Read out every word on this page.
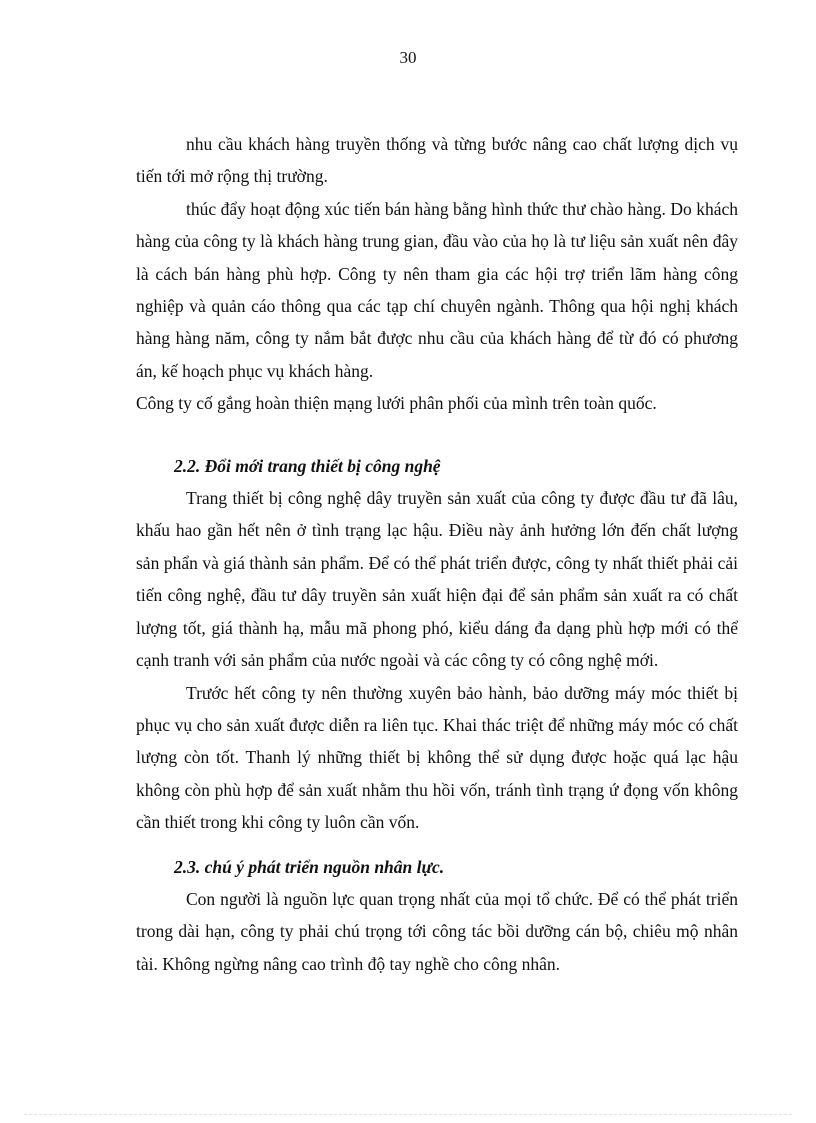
30

nhu cầu khách hàng truyền thống và từng bước nâng cao chất lượng dịch vụ tiến tới mở rộng thị trường.

thúc đẩy hoạt động xúc tiến bán hàng bằng hình thức thư chào hàng. Do khách hàng của công ty là khách hàng trung gian, đầu vào của họ là tư liệu sản xuất nên đây là cách bán hàng phù hợp. Công ty nên tham gia các hội trợ triển lãm hàng công nghiệp và quản cáo thông qua các tạp chí chuyên ngành. Thông qua hội nghị khách hàng hàng năm, công ty nắm bắt được nhu cầu của khách hàng để từ đó có phương án, kế hoạch phục vụ khách hàng.

Công ty cố gắng hoàn thiện mạng lưới phân phối của mình trên toàn quốc.

2.2. Đổi mới trang thiết bị công nghệ

Trang thiết bị công nghệ dây truyền sản xuất của công ty được đầu tư đã lâu, khấu hao gần hết nên ở tình trạng lạc hậu. Điều này ảnh hưởng lớn đến chất lượng sản phẩn và giá thành sản phẩm. Để có thể phát triển được, công ty nhất thiết phải cải tiến công nghệ, đầu tư dây truyền sản xuất hiện đại để sản phẩm sản xuất ra có chất lượng tốt, giá thành hạ, mẫu mã phong phó, kiểu dáng đa dạng phù hợp mới có thể cạnh tranh với sản phẩm của nước ngoài và các công ty có công nghệ mới.

Trước hết công ty nên thường xuyên bảo hành, bảo dưỡng máy móc thiết bị phục vụ cho sản xuất được diễn ra liên tục. Khai thác triệt để những máy móc có chất lượng còn tốt. Thanh lý những thiết bị không thể sử dụng được hoặc quá lạc hậu không còn phù hợp để sản xuất nhằm thu hồi vốn, tránh tình trạng ứ đọng vốn không cần thiết trong khi công ty luôn cần vốn.

2.3. chú ý phát triển nguồn nhân lực.

Con người là nguồn lực quan trọng nhất của mọi tổ chức. Để có thể phát triển trong dài hạn, công ty phải chú trọng tới công tác bồi dưỡng cán bộ, chiêu mộ nhân tài. Không ngừng nâng cao trình độ tay nghề cho công nhân.
